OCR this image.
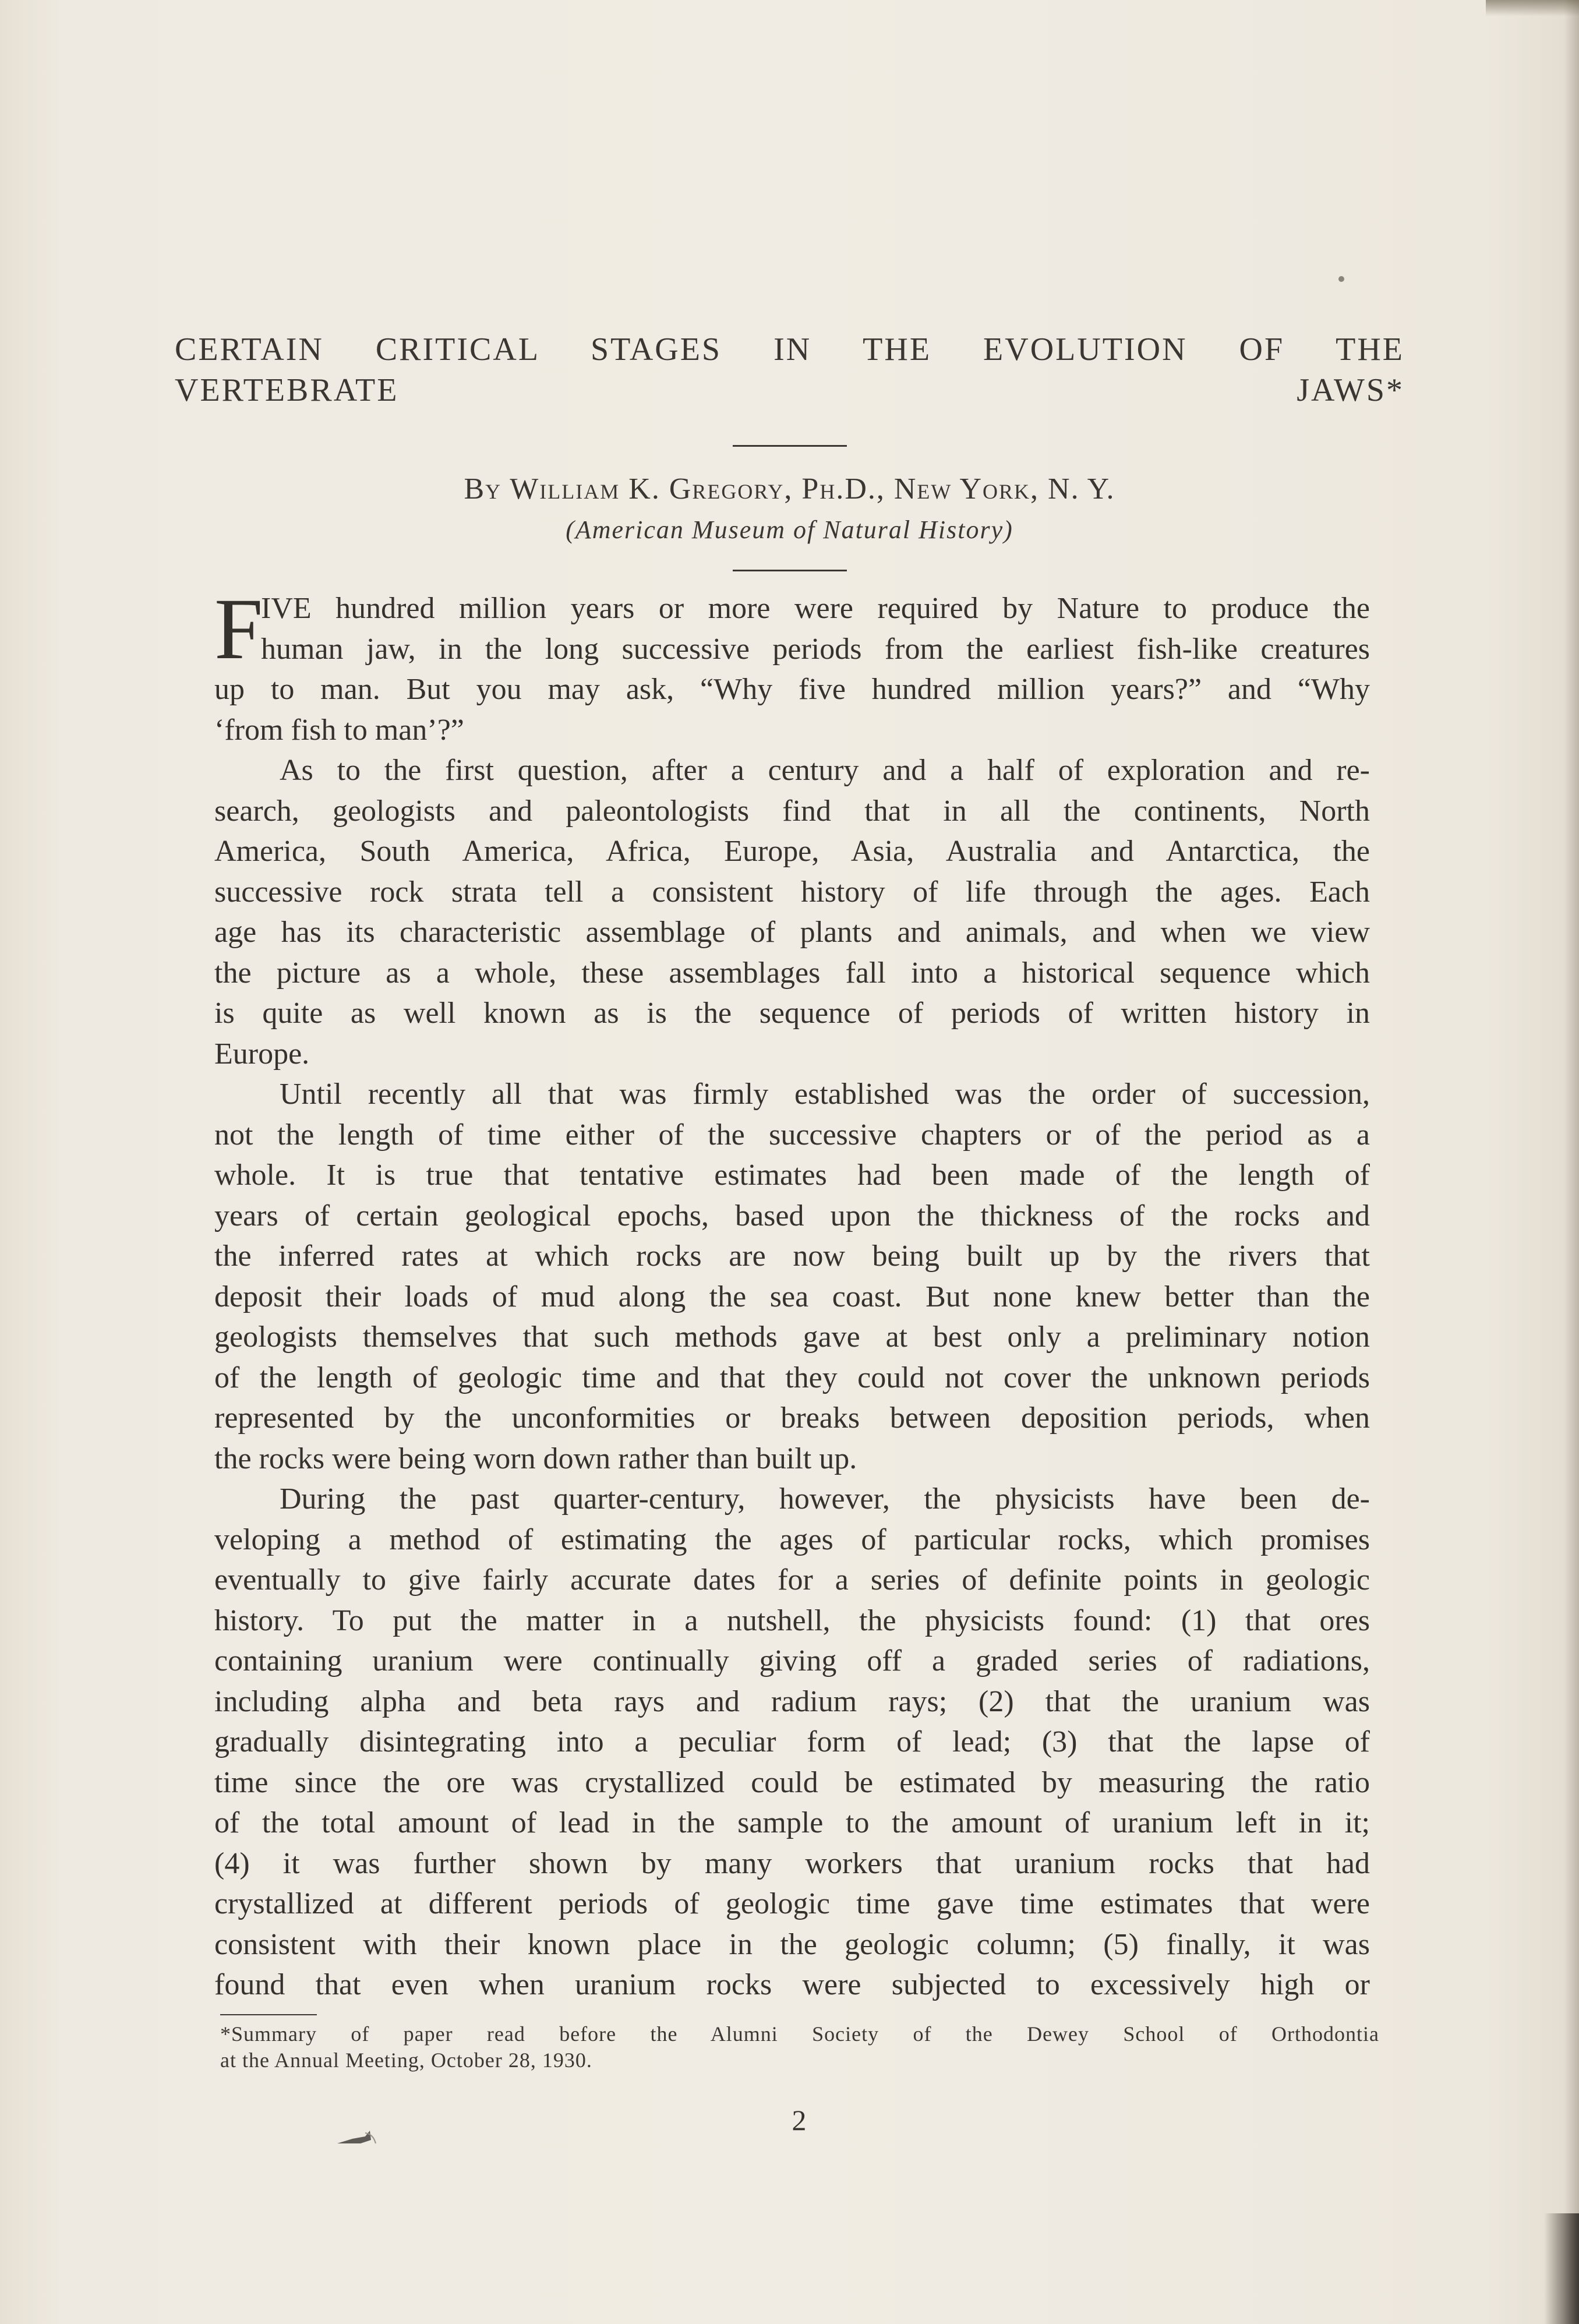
CERTAIN CRITICAL STAGES IN THE EVOLUTION OF THE
VERTEBRATE JAWS*
By William K. Gregory, Ph.D., New York, N. Y.
(American Museum of Natural History)
F
IVE hundred million years or more were required by Nature to produce the
human jaw, in the long successive periods from the earliest fish-like creatures
up to man. But you may ask, “Why five hundred million years?” and “Why
‘from fish to man’?”
As to the first question, after a century and a half of exploration and re-
search, geologists and paleontologists find that in all the continents, North
America, South America, Africa, Europe, Asia, Australia and Antarctica, the
successive rock strata tell a consistent history of life through the ages. Each
age has its characteristic assemblage of plants and animals, and when we view
the picture as a whole, these assemblages fall into a historical sequence which
is quite as well known as is the sequence of periods of written history in
Europe.
Until recently all that was firmly established was the order of succession,
not the length of time either of the successive chapters or of the period as a
whole. It is true that tentative estimates had been made of the length of
years of certain geological epochs, based upon the thickness of the rocks and
the inferred rates at which rocks are now being built up by the rivers that
deposit their loads of mud along the sea coast. But none knew better than the
geologists themselves that such methods gave at best only a preliminary notion
of the length of geologic time and that they could not cover the unknown periods
represented by the unconformities or breaks between deposition periods, when
the rocks were being worn down rather than built up.
During the past quarter-century, however, the physicists have been de-
veloping a method of estimating the ages of particular rocks, which promises
eventually to give fairly accurate dates for a series of definite points in geologic
history. To put the matter in a nutshell, the physicists found: (1) that ores
containing uranium were continually giving off a graded series of radiations,
including alpha and beta rays and radium rays; (2) that the uranium was
gradually disintegrating into a peculiar form of lead; (3) that the lapse of
time since the ore was crystallized could be estimated by measuring the ratio
of the total amount of lead in the sample to the amount of uranium left in it;
(4) it was further shown by many workers that uranium rocks that had
crystallized at different periods of geologic time gave time estimates that were
consistent with their known place in the geologic column; (5) finally, it was
found that even when uranium rocks were subjected to excessively high or
*Summary of paper read before the Alumni Society of the Dewey School of Orthodontia
at the Annual Meeting, October 28, 1930.
2
